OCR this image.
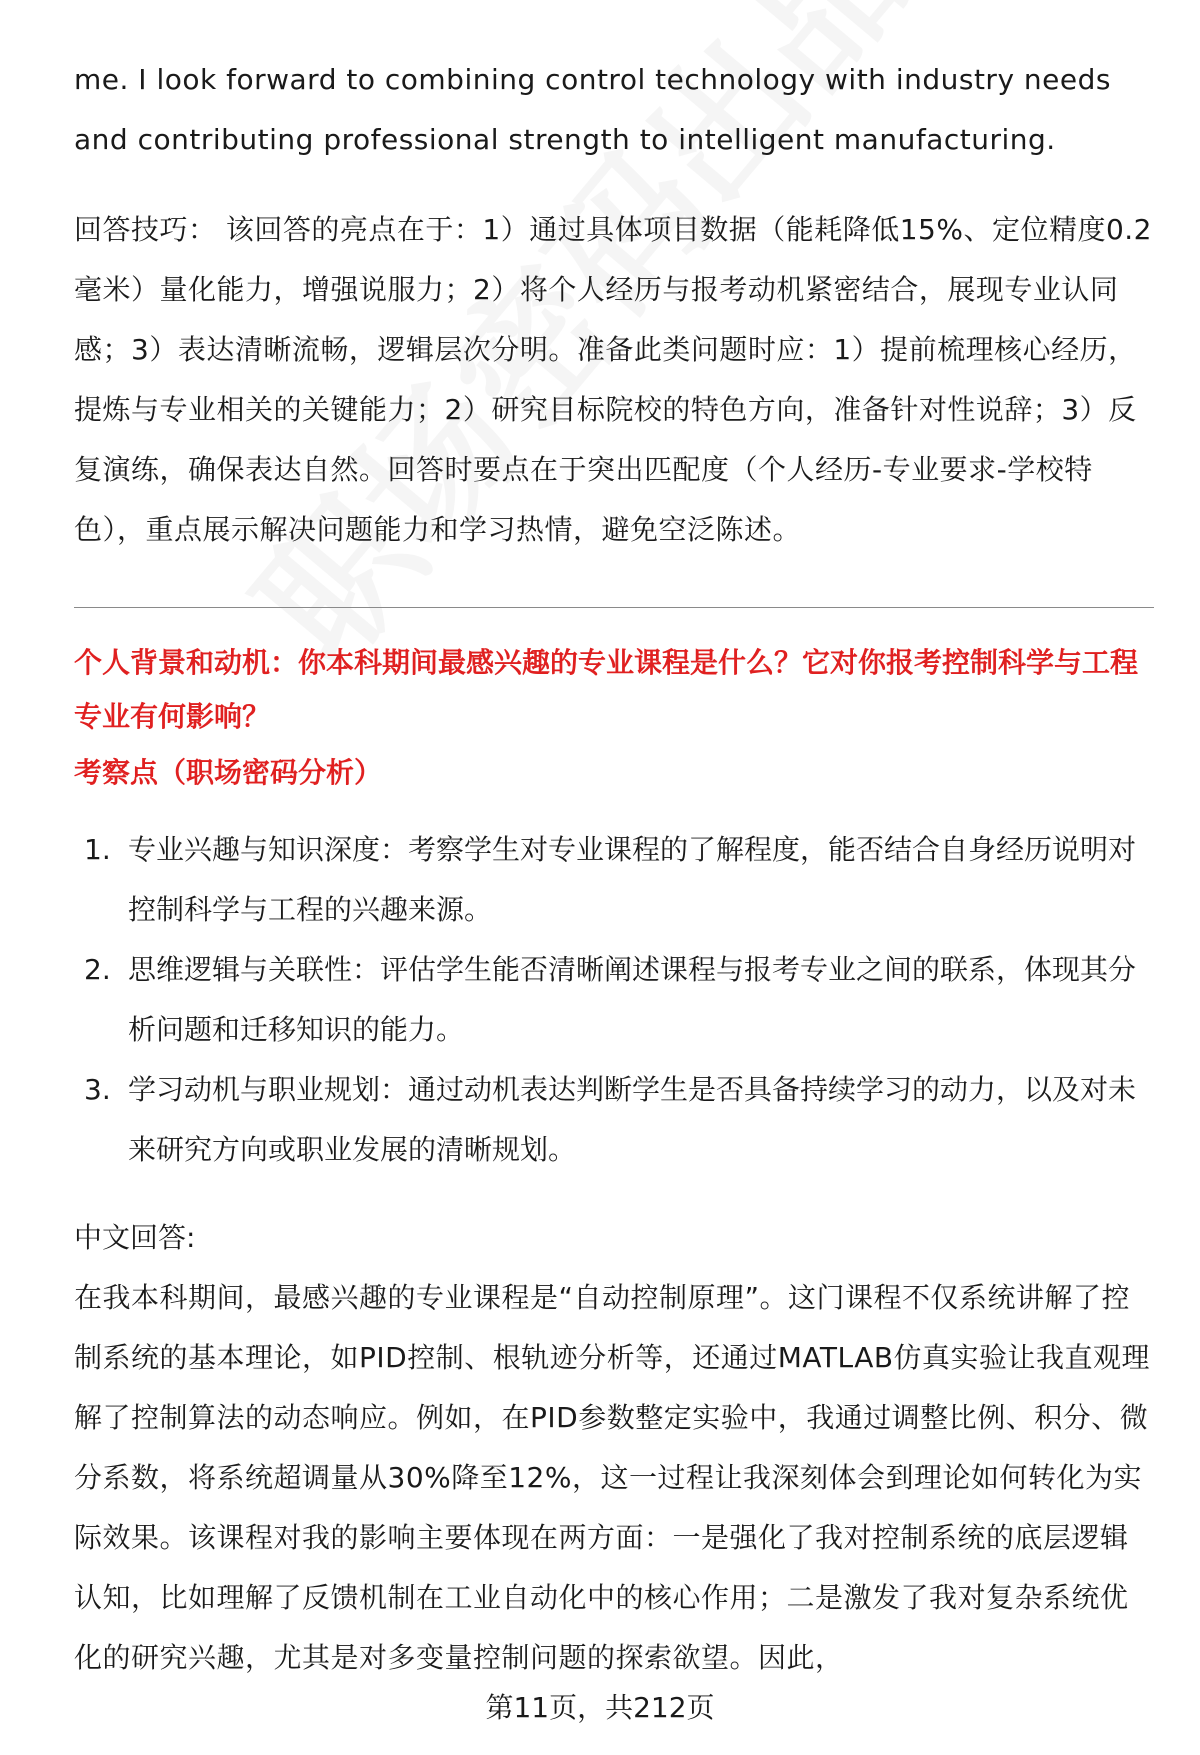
me. I look forward to combining control technology with industry needs and contributing professional strength to intelligent manufacturing.

回答技巧： 该回答的亮点在于：1）通过具体项目数据（能耗降低15%、定位精度0.2毫米）量化能力，增强说服力；2）将个人经历与报考动机紧密结合，展现专业认同感；3）表达清晰流畅，逻辑层次分明。准备此类问题时应：1）提前梳理核心经历，提炼与专业相关的关键能力；2）研究目标院校的特色方向，准备针对性说辞；3）反复演练，确保表达自然。回答时要点在于突出匹配度（个人经历-专业要求-学校特色），重点展示解决问题能力和学习热情，避免空泛陈述。

个人背景和动机：你本科期间最感兴趣的专业课程是什么？它对你报考控制科学与工程专业有何影响？

考察点（职场密码分析）

1. 专业兴趣与知识深度：考察学生对专业课程的了解程度，能否结合自身经历说明对控制科学与工程的兴趣来源。
2. 思维逻辑与关联性：评估学生能否清晰阐述课程与报考专业之间的联系，体现其分析问题和迁移知识的能力。
3. 学习动机与职业规划：通过动机表达判断学生是否具备持续学习的动力，以及对未来研究方向或职业发展的清晰规划。

中文回答:

在我本科期间，最感兴趣的专业课程是“自动控制原理”。这门课程不仅系统讲解了控制系统的基本理论，如PID控制、根轨迹分析等，还通过MATLAB仿真实验让我直观理解了控制算法的动态响应。例如，在PID参数整定实验中，我通过调整比例、积分、微分系数，将系统超调量从30%降至12%，这一过程让我深刻体会到理论如何转化为实际效果。该课程对我的影响主要体现在两方面：一是强化了我对控制系统的底层逻辑认知，比如理解了反馈机制在工业自动化中的核心作用；二是激发了我对复杂系统优化的研究兴趣，尤其是对多变量控制问题的探索欲望。因此，

第11页，共212页
